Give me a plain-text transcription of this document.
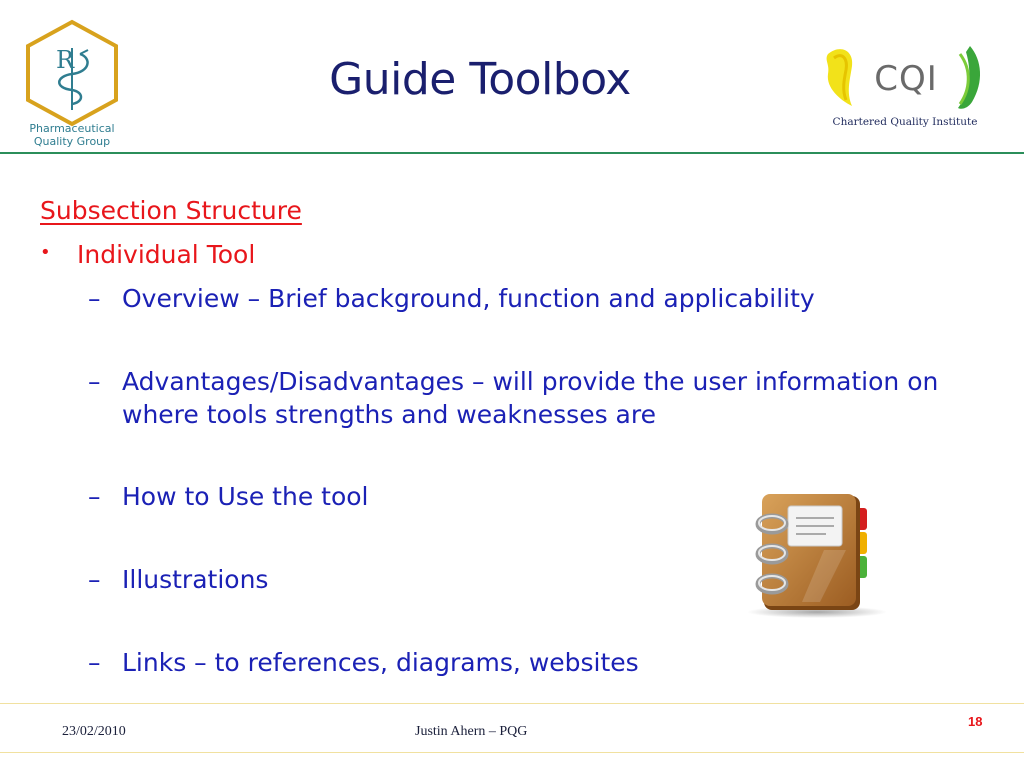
R
Pharmaceutical
Quality Group
Guide Toolbox	CQI
Chartered Quality Institute
Subsection Structure
• Individual Tool
– Overview – Brief background, function and applicability
– Advantages/Disadvantages – will provide the user information on where tools strengths and weaknesses are
– How to Use the tool
– Illustrations
– Links – to references, diagrams, websites
23/02/2010	Justin Ahern – PQG
18
